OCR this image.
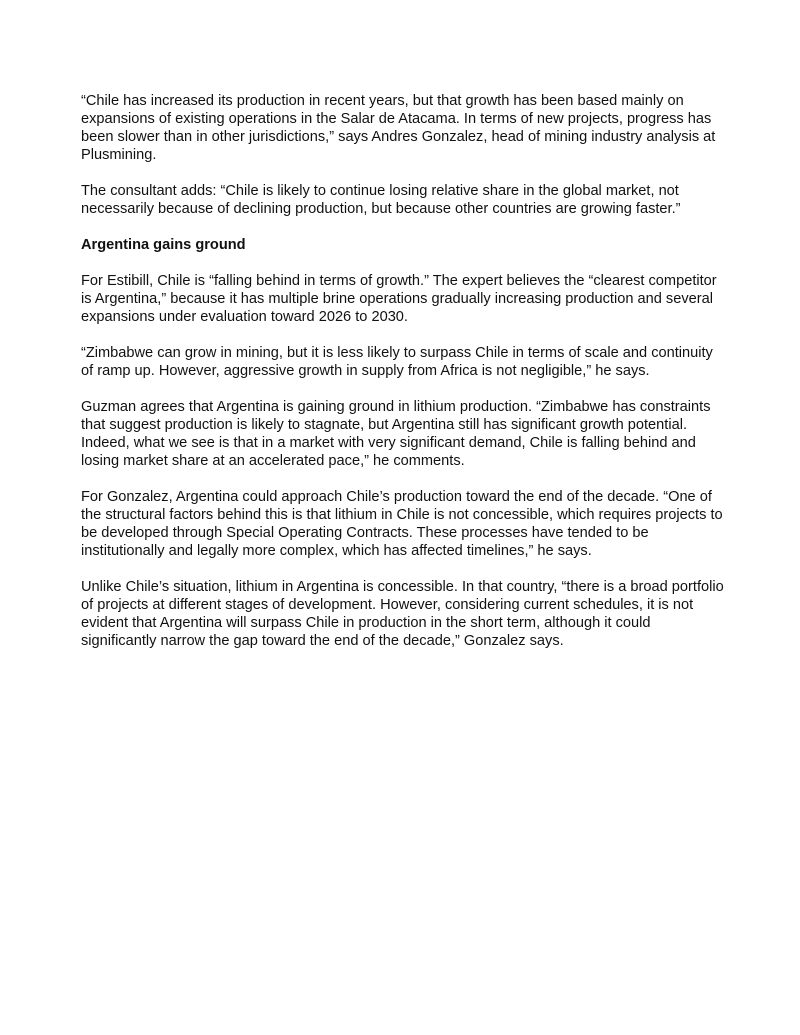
“Chile has increased its production in recent years, but that growth has been based mainly on expansions of existing operations in the Salar de Atacama. In terms of new projects, progress has been slower than in other jurisdictions,” says Andres Gonzalez, head of mining industry analysis at Plusmining.

The consultant adds: “Chile is likely to continue losing relative share in the global market, not necessarily because of declining production, but because other countries are growing faster.”

Argentina gains ground

For Estibill, Chile is “falling behind in terms of growth.” The expert believes the “clearest competitor is Argentina,” because it has multiple brine operations gradually increasing production and several expansions under evaluation toward 2026 to 2030.

“Zimbabwe can grow in mining, but it is less likely to surpass Chile in terms of scale and continuity of ramp up. However, aggressive growth in supply from Africa is not negligible,” he says.

Guzman agrees that Argentina is gaining ground in lithium production. “Zimbabwe has constraints that suggest production is likely to stagnate, but Argentina still has significant growth potential. Indeed, what we see is that in a market with very significant demand, Chile is falling behind and losing market share at an accelerated pace,” he comments.

For Gonzalez, Argentina could approach Chile’s production toward the end of the decade. “One of the structural factors behind this is that lithium in Chile is not concessible, which requires projects to be developed through Special Operating Contracts. These processes have tended to be institutionally and legally more complex, which has affected timelines,” he says.

Unlike Chile’s situation, lithium in Argentina is concessible. In that country, “there is a broad portfolio of projects at different stages of development. However, considering current schedules, it is not evident that Argentina will surpass Chile in production in the short term, although it could significantly narrow the gap toward the end of the decade,” Gonzalez says.
